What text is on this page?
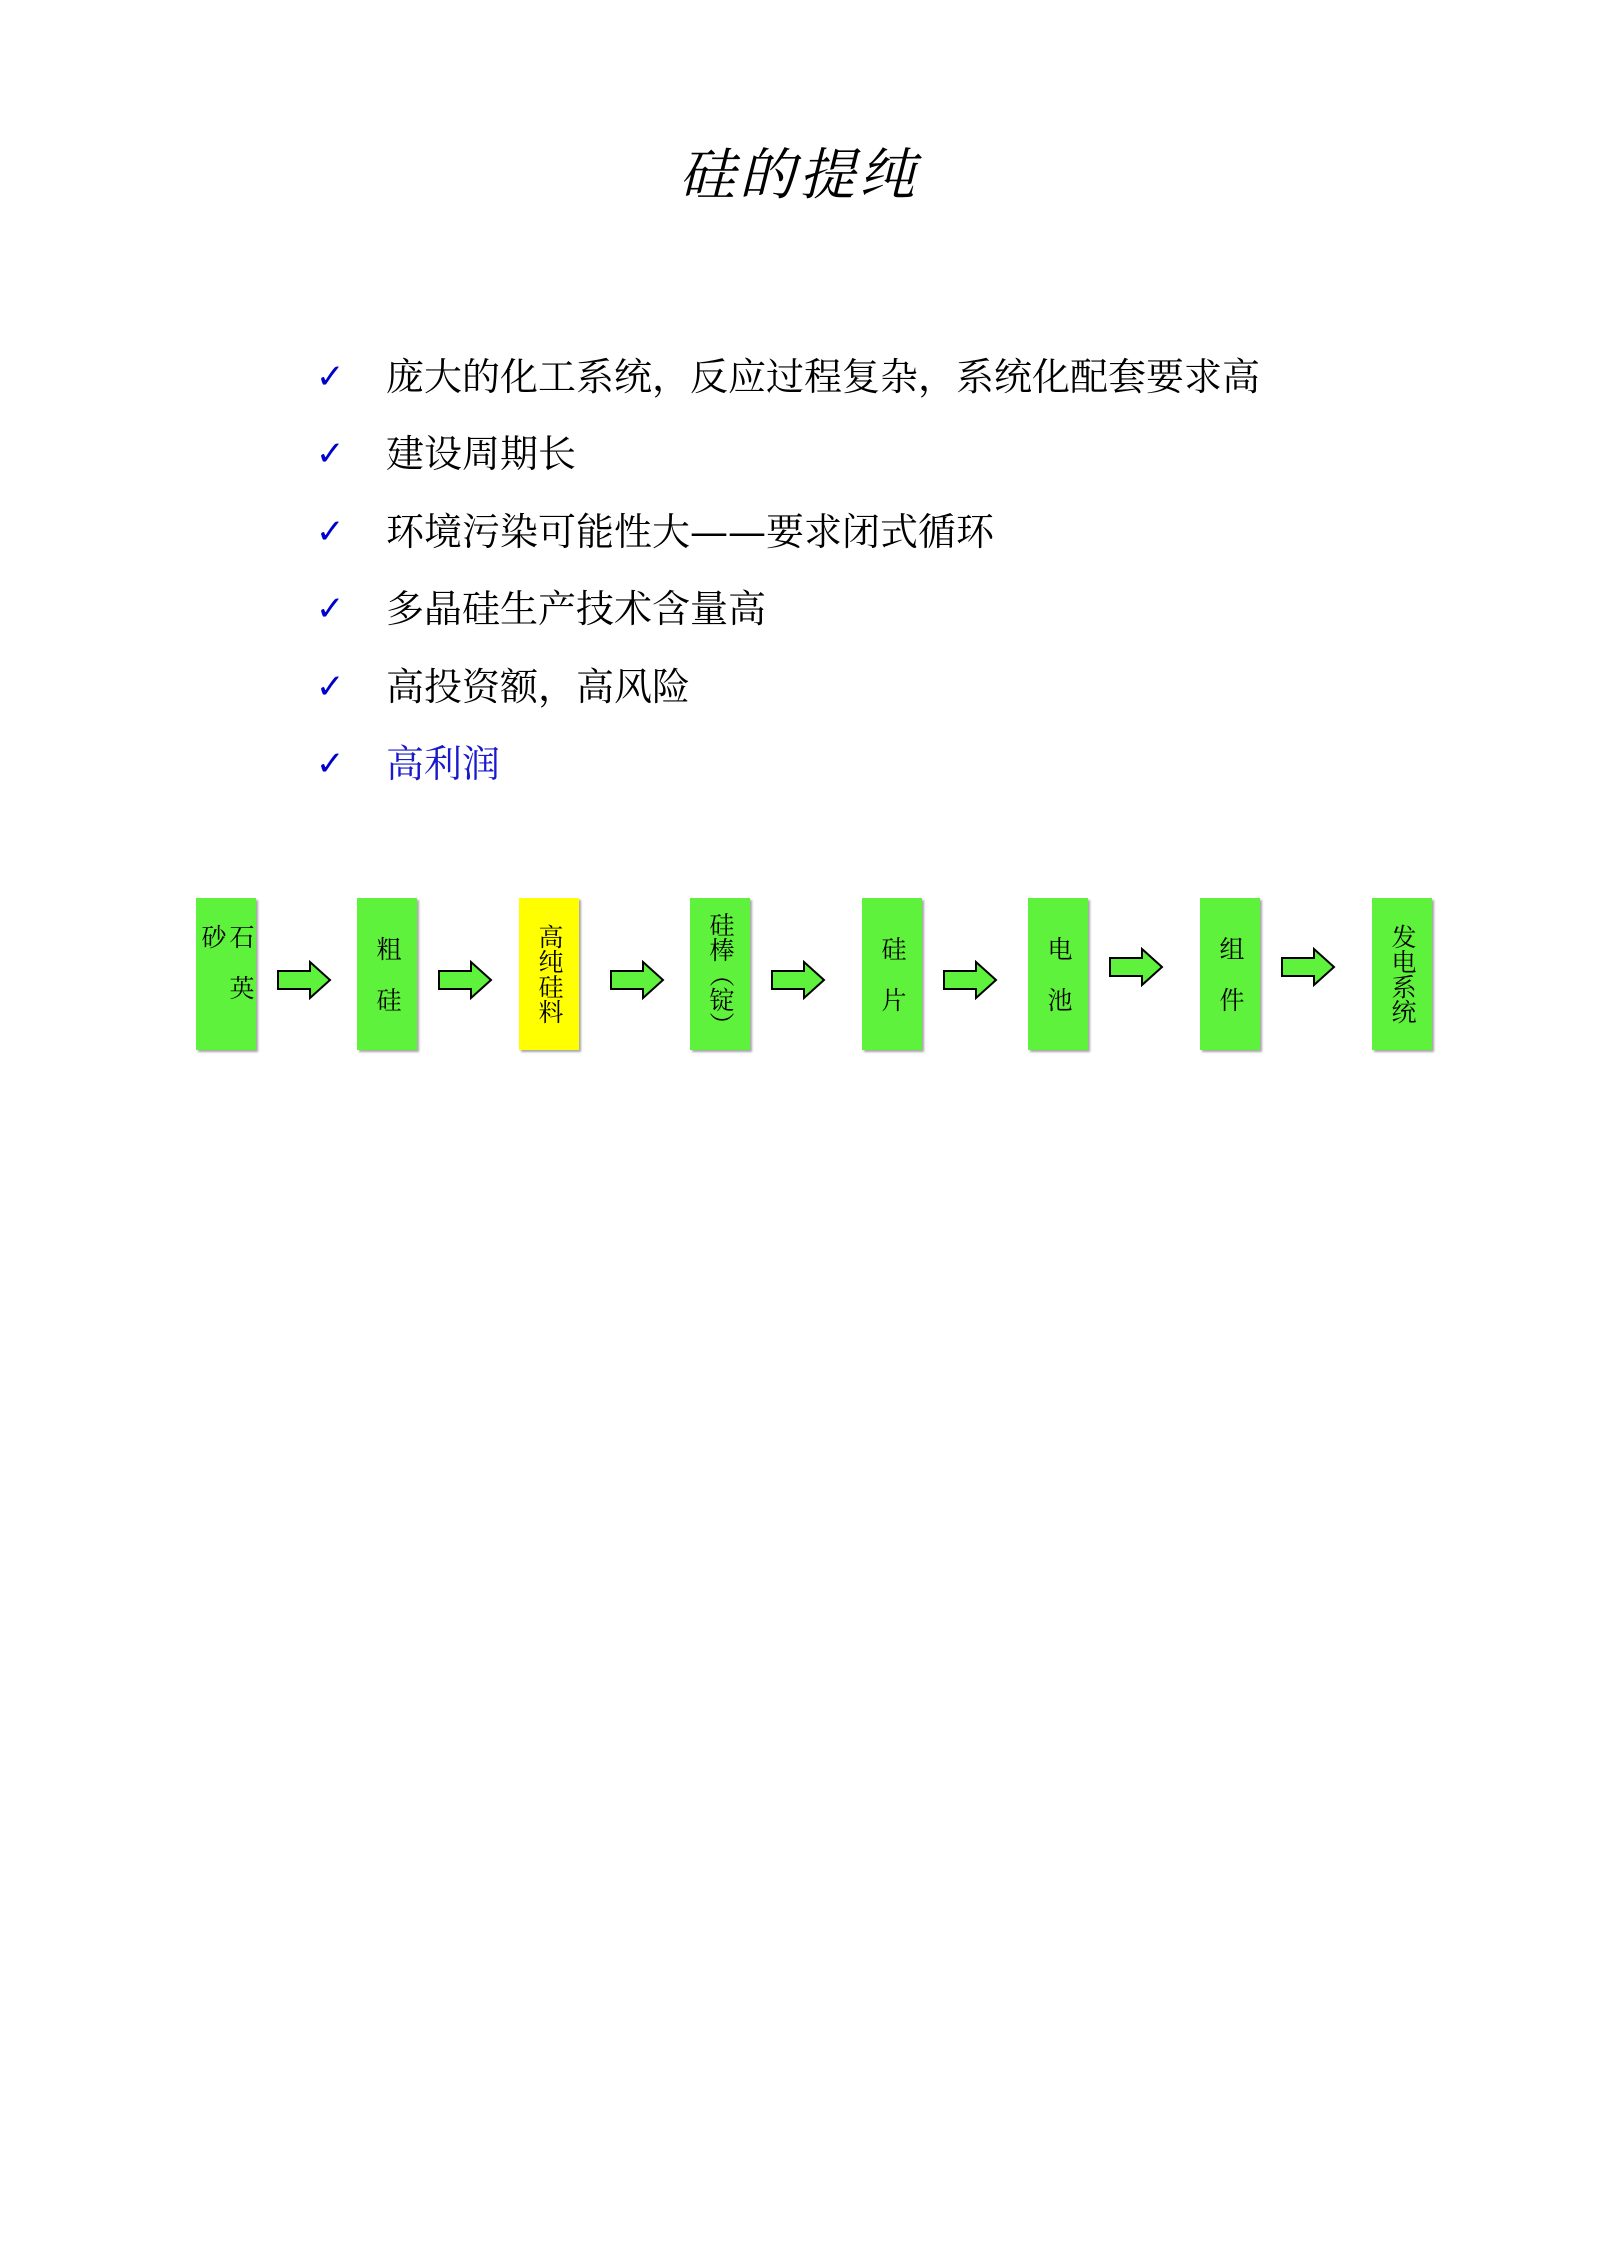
硅的提纯
✓	庞大的化工系统，反应过程复杂，系统化配套要求高
✓	建设周期长
✓	环境污染可能性大——要求闭式循环
✓	多晶硅生产技术含量高
✓	高投资额，高风险
✓	高利润
石英砂	粗硅	高纯硅料	硅棒（锭）	硅片	电池	组件	发电系统
